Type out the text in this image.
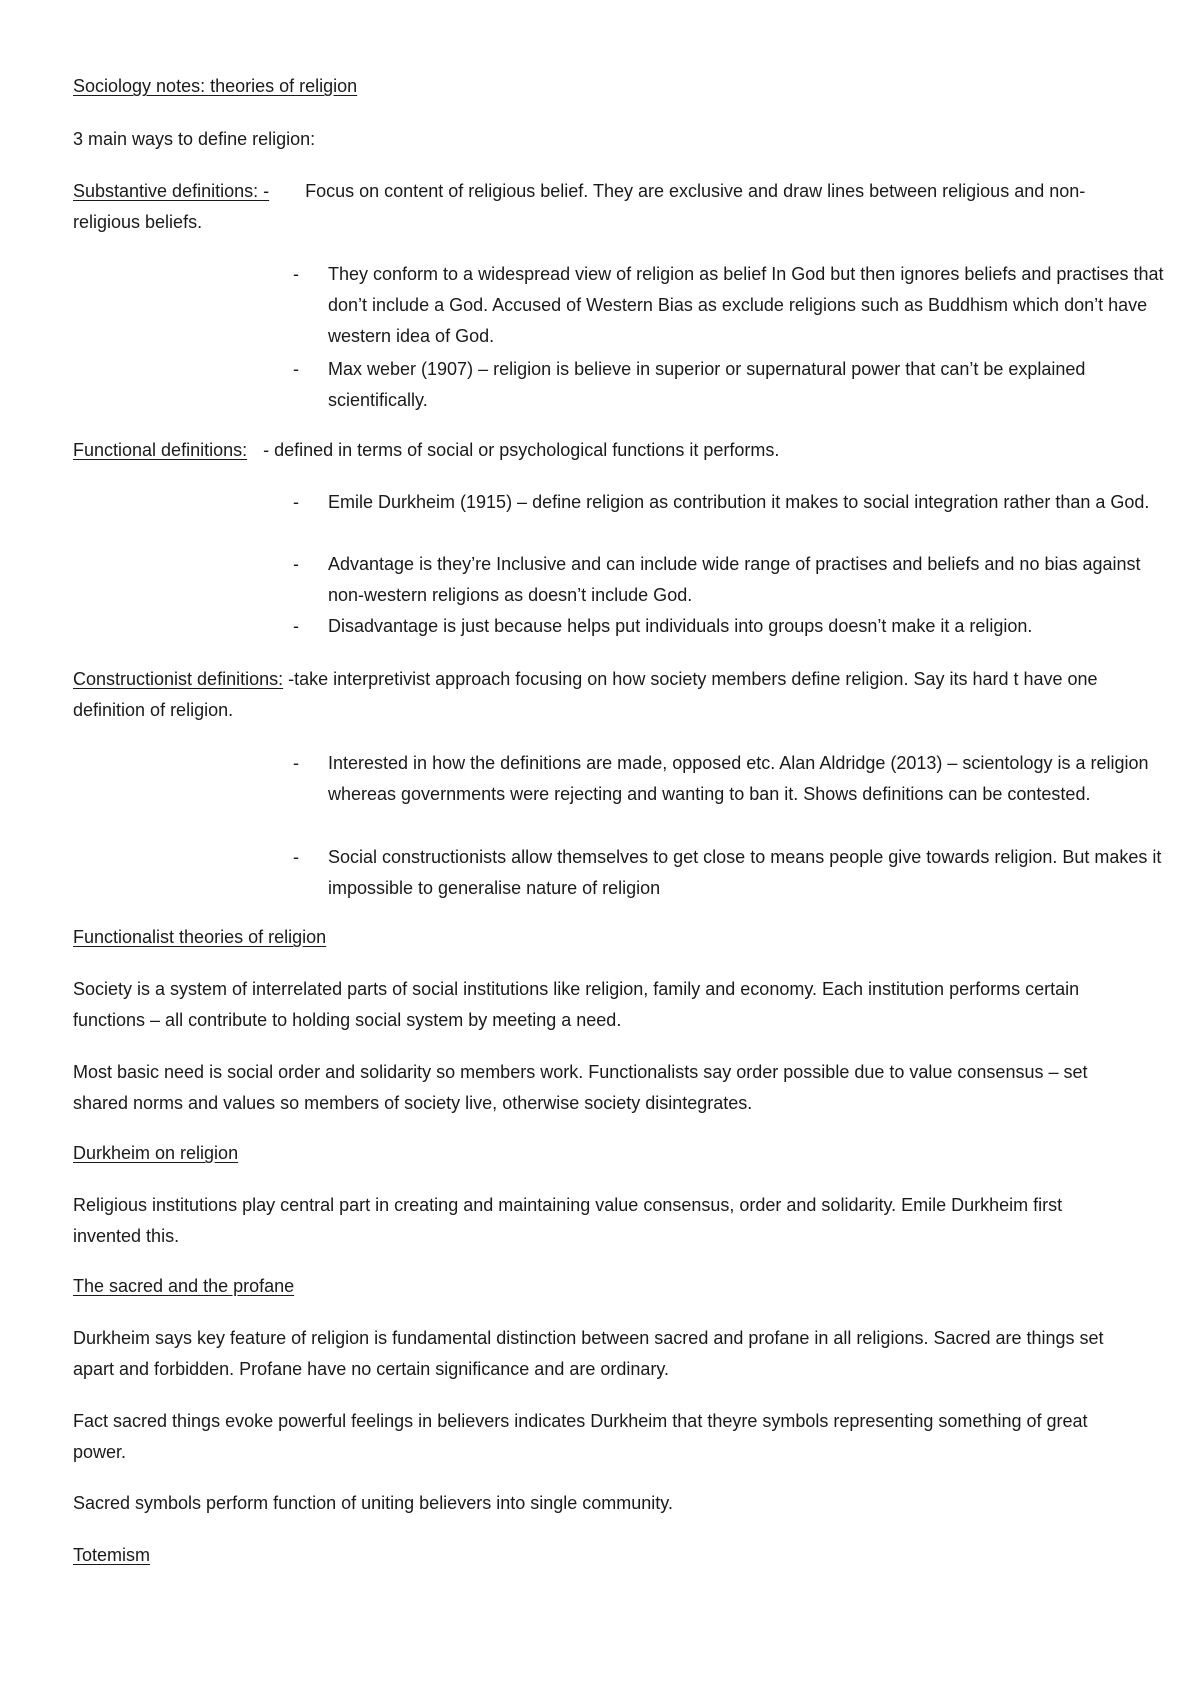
Sociology notes: theories of religion

3 main ways to define religion:

Substantive definitions: - Focus on content of religious belief. They are exclusive and draw lines between religious and non-religious beliefs.

- They conform to a widespread view of religion as belief In God but then ignores beliefs and practises that don’t include a God. Accused of Western Bias as exclude religions such as Buddhism which don’t have western idea of God.
- Max weber (1907) – religion is believe in superior or supernatural power that can’t be explained scientifically.

Functional definitions: - defined in terms of social or psychological functions it performs.

- Emile Durkheim (1915) – define religion as contribution it makes to social integration rather than a God.
- Advantage is they’re Inclusive and can include wide range of practises and beliefs and no bias against non-western religions as doesn’t include God.
- Disadvantage is just because helps put individuals into groups doesn’t make it a religion.

Constructionist definitions: -take interpretivist approach focusing on how society members define religion. Say its hard t have one definition of religion.

- Interested in how the definitions are made, opposed etc. Alan Aldridge (2013) – scientology is a religion whereas governments were rejecting and wanting to ban it. Shows definitions can be contested.
- Social constructionists allow themselves to get close to means people give towards religion. But makes it impossible to generalise nature of religion

Functionalist theories of religion

Society is a system of interrelated parts of social institutions like religion, family and economy. Each institution performs certain functions – all contribute to holding social system by meeting a need.

Most basic need is social order and solidarity so members work. Functionalists say order possible due to value consensus – set shared norms and values so members of society live, otherwise society disintegrates.

Durkheim on religion

Religious institutions play central part in creating and maintaining value consensus, order and solidarity. Emile Durkheim first invented this.

The sacred and the profane

Durkheim says key feature of religion is fundamental distinction between sacred and profane in all religions. Sacred are things set apart and forbidden. Profane have no certain significance and are ordinary.

Fact sacred things evoke powerful feelings in believers indicates Durkheim that theyre symbols representing something of great power.

Sacred symbols perform function of uniting believers into single community.

Totemism
